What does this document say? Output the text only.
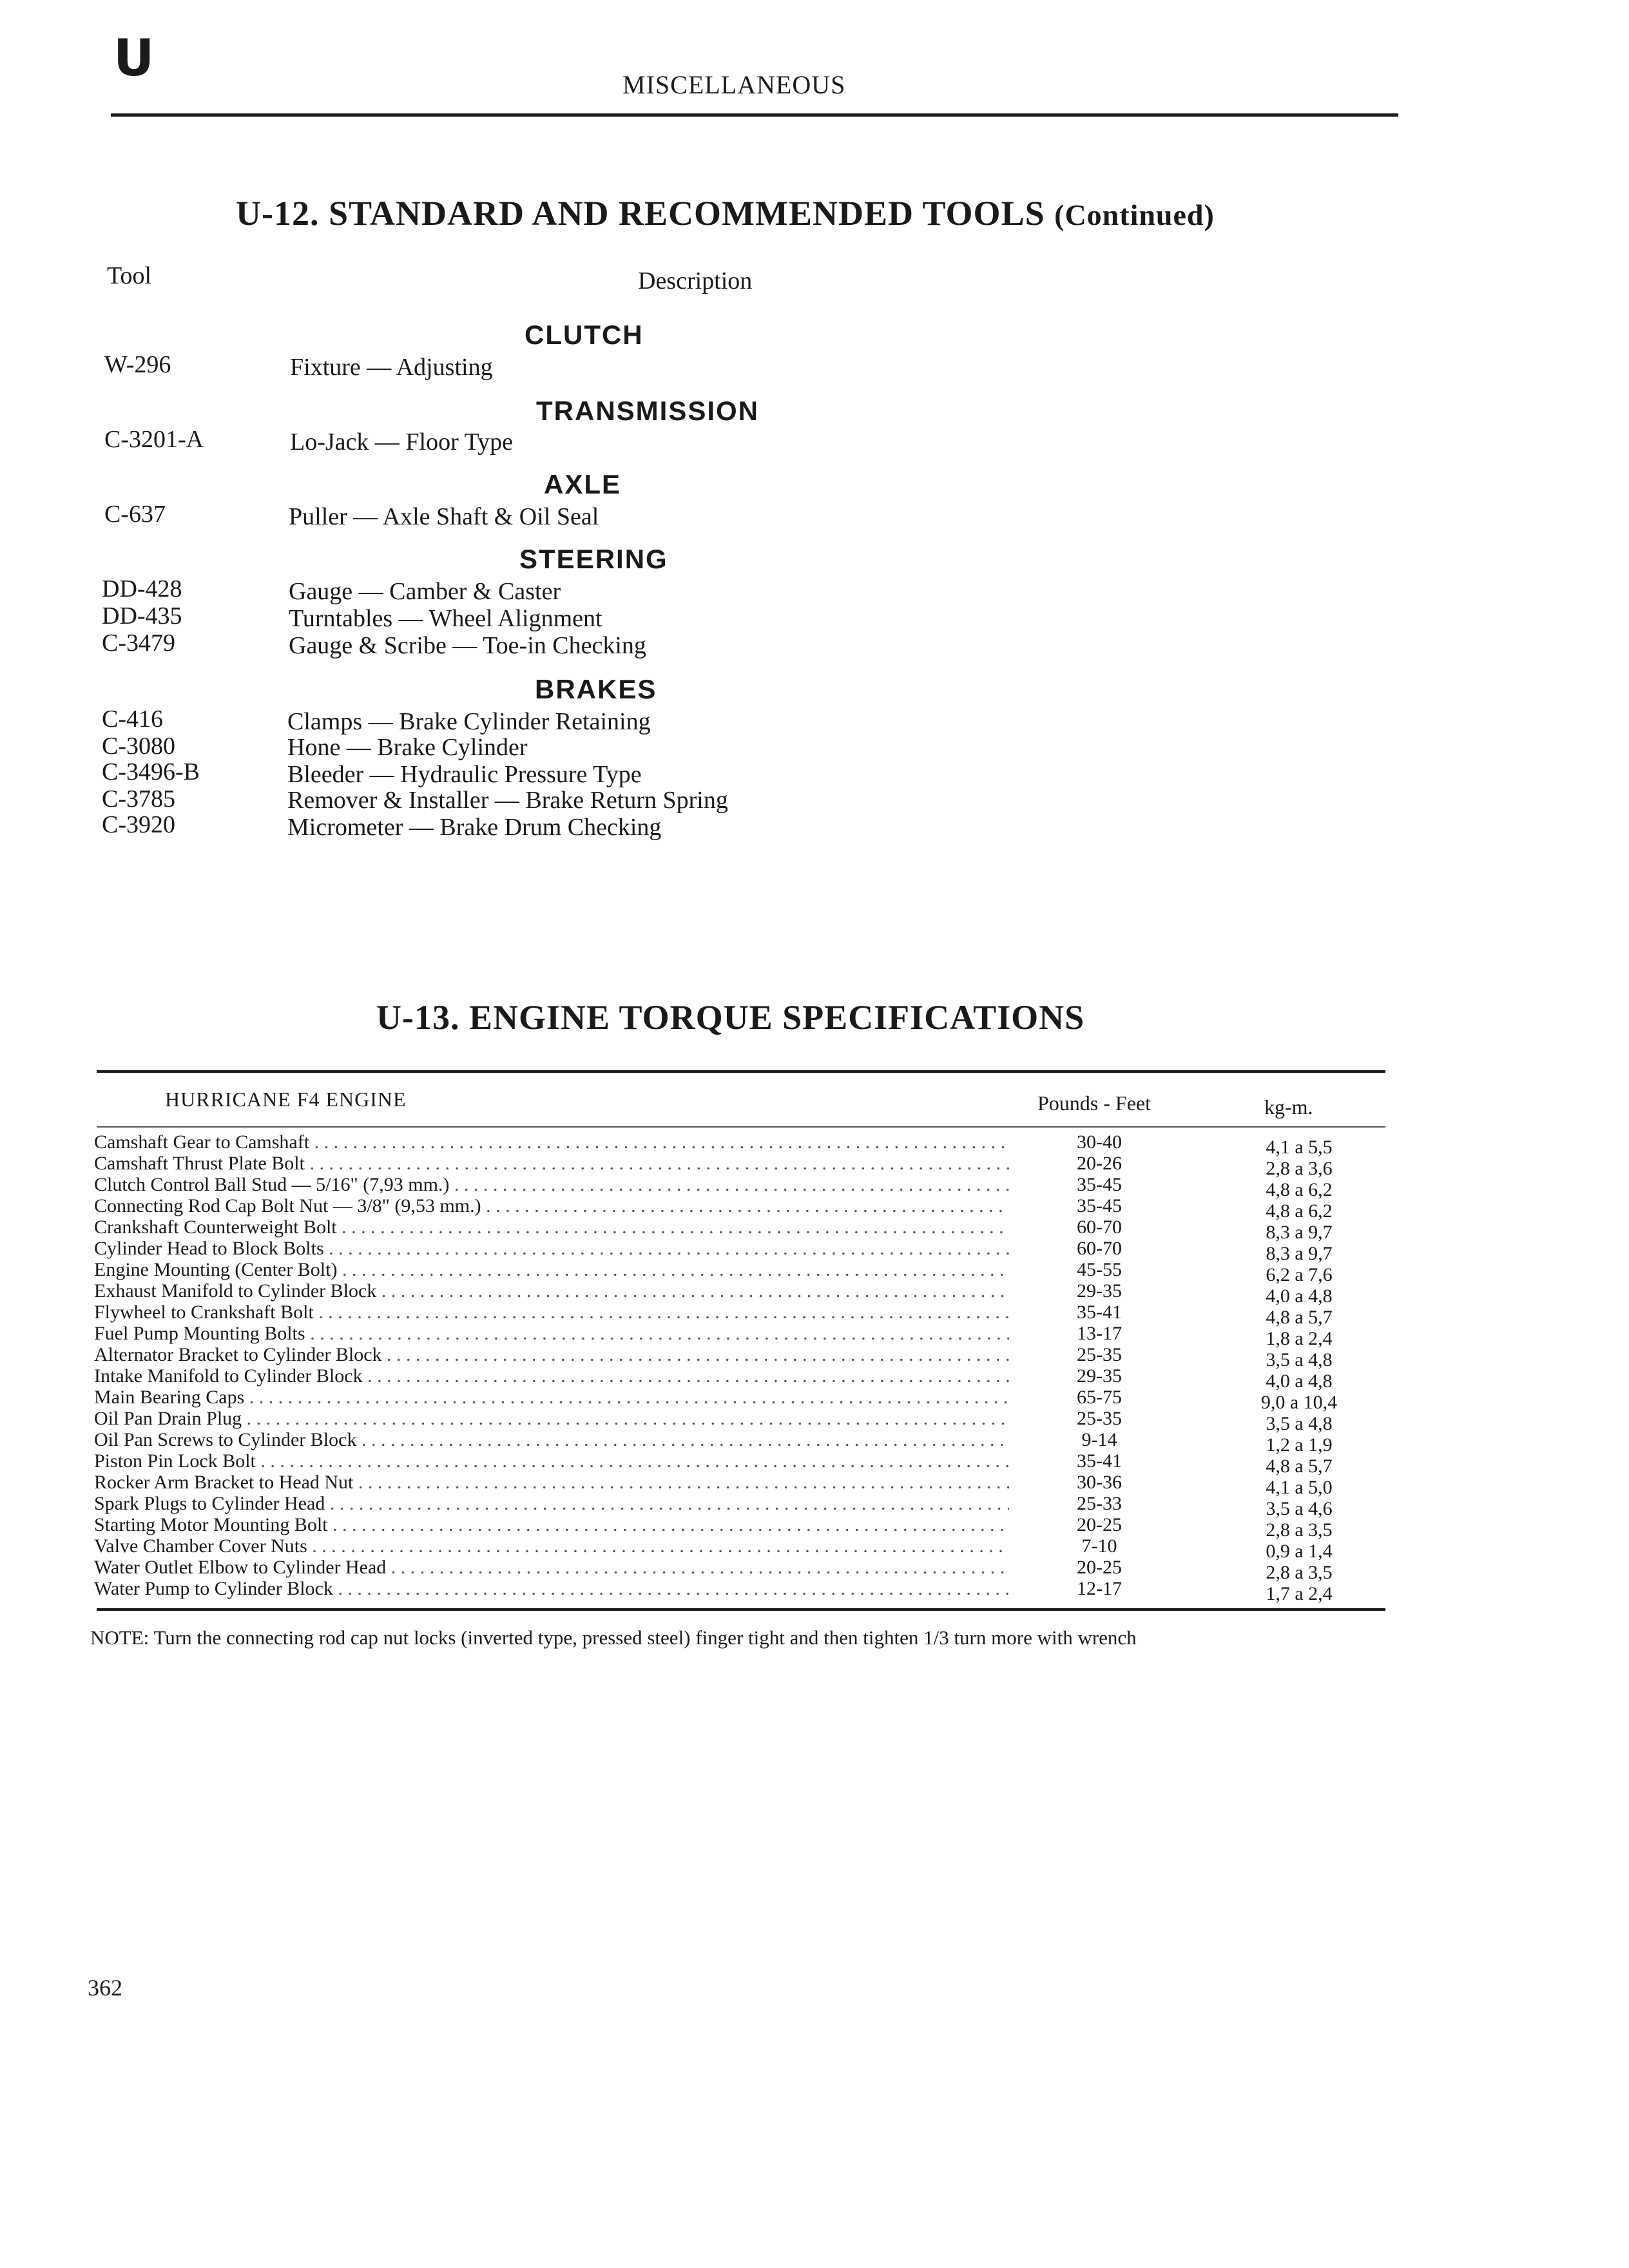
U	MISCELLANEOUS
U-12. STANDARD AND RECOMMENDED TOOLS (Continued)
Tool	Description
CLUTCH
W-296	Fixture — Adjusting
TRANSMISSION
C-3201-A	Lo-Jack — Floor Type
AXLE
C-637	Puller — Axle Shaft & Oil Seal
STEERING
DD-428	Gauge — Camber & Caster
DD-435	Turntables — Wheel Alignment
C-3479	Gauge & Scribe — Toe-in Checking
BRAKES
C-416	Clamps — Brake Cylinder Retaining
C-3080	Hone — Brake Cylinder
C-3496-B	Bleeder — Hydraulic Pressure Type
C-3785	Remover & Installer — Brake Return Spring
C-3920	Micrometer — Brake Drum Checking
U-13. ENGINE TORQUE SPECIFICATIONS
HURRICANE F4 ENGINE	Pounds - Feet	kg-m.
Camshaft Gear to Camshaft . . .	30-40	4,1 a 5,5
Camshaft Thrust Plate Bolt . . .	20-26	2,8 a 3,6
Clutch Control Ball Stud — 5/16" (7,93 mm.) . . .	35-45	4,8 a 6,2
Connecting Rod Cap Bolt Nut — 3/8" (9,53 mm.) . . .	35-45	4,8 a 6,2
Crankshaft Counterweight Bolt . . .	60-70	8,3 a 9,7
Cylinder Head to Block Bolts . . .	60-70	8,3 a 9,7
Engine Mounting (Center Bolt) . . .	45-55	6,2 a 7,6
Exhaust Manifold to Cylinder Block . . .	29-35	4,0 a 4,8
Flywheel to Crankshaft Bolt . . .	35-41	4,8 a 5,7
Fuel Pump Mounting Bolts . . .	13-17	1,8 a 2,4
Alternator Bracket to Cylinder Block . . .	25-35	3,5 a 4,8
Intake Manifold to Cylinder Block . . .	29-35	4,0 a 4,8
Main Bearing Caps . . .	65-75	9,0 a 10,4
Oil Pan Drain Plug . . .	25-35	3,5 a 4,8
Oil Pan Screws to Cylinder Block . . .	9-14	1,2 a 1,9
Piston Pin Lock Bolt . . .	35-41	4,8 a 5,7
Rocker Arm Bracket to Head Nut . . .	30-36	4,1 a 5,0
Spark Plugs to Cylinder Head . . .	25-33	3,5 a 4,6
Starting Motor Mounting Bolt . . .	20-25	2,8 a 3,5
Valve Chamber Cover Nuts . . .	7-10	0,9 a 1,4
Water Outlet Elbow to Cylinder Head . . .	20-25	2,8 a 3,5
Water Pump to Cylinder Block . . .	12-17	1,7 a 2,4
NOTE: Turn the connecting rod cap nut locks (inverted type, pressed steel) finger tight and then tighten 1/3 turn more with wrench
362
